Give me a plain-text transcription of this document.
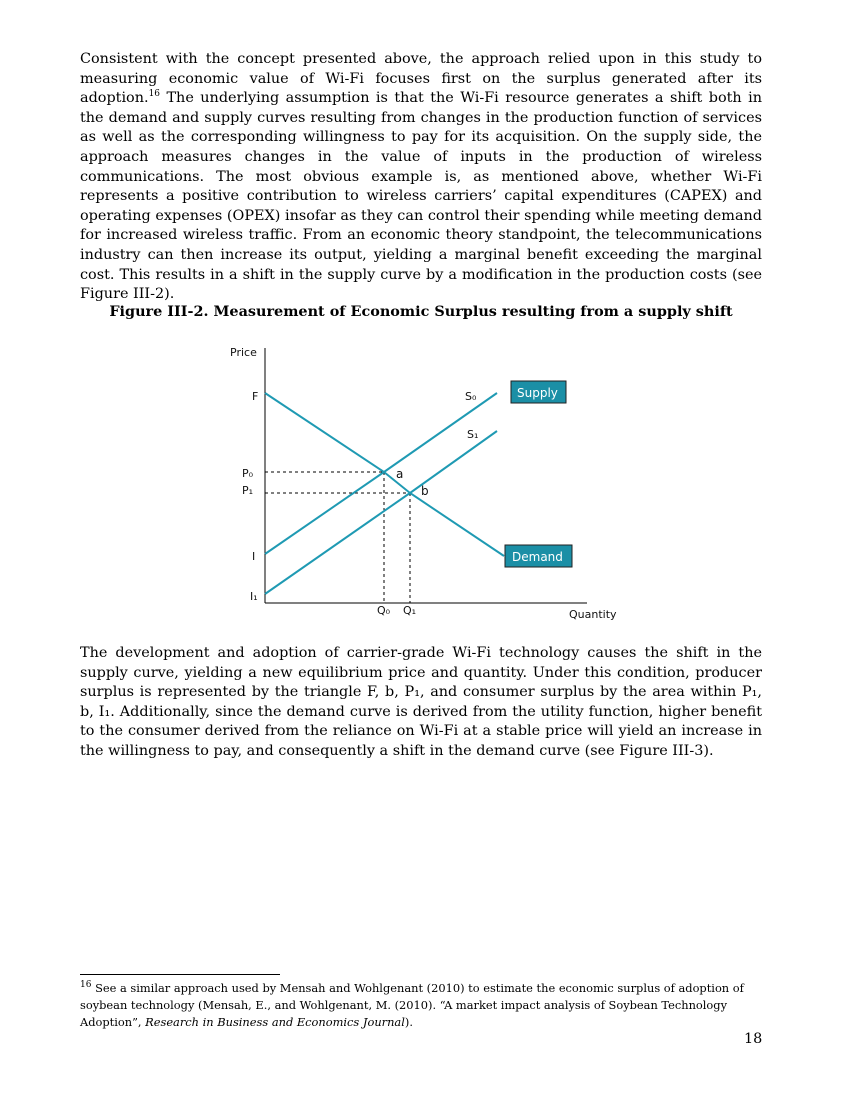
Consistent with the concept presented above, the approach relied upon in this study to measuring economic value of Wi-Fi focuses first on the surplus generated after its adoption.$^{16}$ The underlying assumption is that the Wi-Fi resource generates a shift both in the demand and supply curves resulting from changes in the production function of services as well as the corresponding willingness to pay for its acquisition. On the supply side, the approach measures changes in the value of inputs in the production of wireless communications. The most obvious example is, as mentioned above, whether Wi-Fi represents a positive contribution to wireless carriers’ capital expenditures (CAPEX) and operating expenses (OPEX) insofar as they can control their spending while meeting demand for increased wireless traffic. From an economic theory standpoint, the telecommunications industry can then increase its output, yielding a marginal benefit exceeding the marginal cost. This results in a shift in the supply curve by a modification in the production costs (see Figure III-2).

Figure III-2. Measurement of Economic Surplus resulting from a supply shift

Price
Quantity
F
P₀
P₁
I
I₁
Q₀ Q₁
S₀
S₁
a
b
Supply
Demand

The development and adoption of carrier-grade Wi-Fi technology causes the shift in the supply curve, yielding a new equilibrium price and quantity. Under this condition, producer surplus is represented by the triangle F, b, P₁, and consumer surplus by the area within P₁, b, I₁. Additionally, since the demand curve is derived from the utility function, higher benefit to the consumer derived from the reliance on Wi-Fi at a stable price will yield an increase in the willingness to pay, and consequently a shift in the demand curve (see Figure III-3).

$^{16}$ See a similar approach used by Mensah and Wohlgenant (2010) to estimate the economic surplus of adoption of soybean technology (Mensah, E., and Wohlgenant, M. (2010). “A market impact analysis of Soybean Technology Adoption”, Research in Business and Economics Journal).

18
